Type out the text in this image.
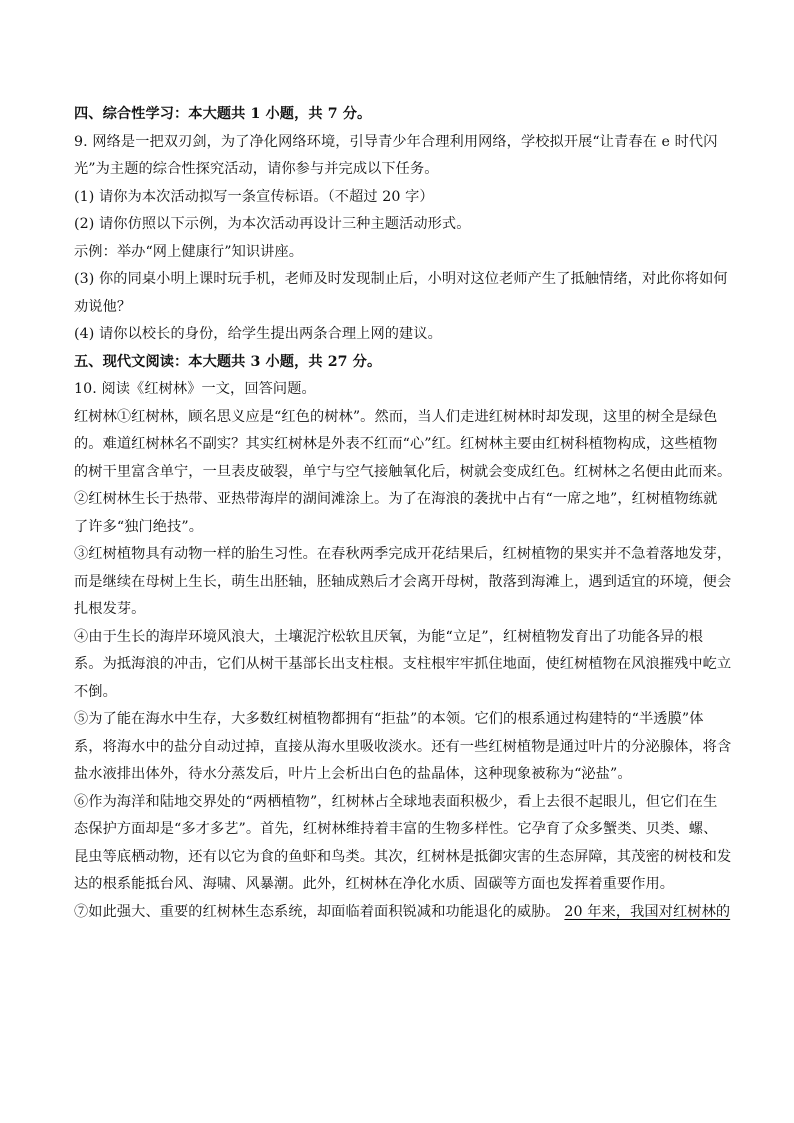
四、综合性学习：本大题共 1 小题，共 7 分。
9. 网络是一把双刃剑，为了净化网络环境，引导青少年合理利用网络，学校拟开展“让青春在 e 时代闪
光”为主题的综合性探究活动，请你参与并完成以下任务。
(1) 请你为本次活动拟写一条宣传标语。（不超过 20 字）
(2) 请你仿照以下示例，为本次活动再设计三种主题活动形式。
示例：举办“网上健康行”知识讲座。
(3) 你的同桌小明上课时玩手机，老师及时发现制止后，小明对这位老师产生了抵触情绪，对此你将如何
劝说他？
(4) 请你以校长的身份，给学生提出两条合理上网的建议。
五、现代文阅读：本大题共 3 小题，共 27 分。
10. 阅读《红树林》一文，回答问题。
红树林①红树林，顾名思义应是“红色的树林”。然而，当人们走进红树林时却发现，这里的树全是绿色
的。难道红树林名不副实？其实红树林是外表不红而“心”红。红树林主要由红树科植物构成，这些植物
的树干里富含单宁，一旦表皮破裂，单宁与空气接触氧化后，树就会变成红色。红树林之名便由此而来。
②红树林生长于热带、亚热带海岸的湖间滩涂上。为了在海浪的袭扰中占有“一席之地”，红树植物练就
了许多“独门绝技”。
③红树植物具有动物一样的胎生习性。在春秋两季完成开花结果后，红树植物的果实并不急着落地发芽，
而是继续在母树上生长，萌生出胚轴，胚轴成熟后才会离开母树，散落到海滩上，遇到适宜的环境，便会
扎根发芽。
④由于生长的海岸环境风浪大，土壤泥泞松软且厌氧，为能“立足”，红树植物发育出了功能各异的根
系。为抵海浪的冲击，它们从树干基部长出支柱根。支柱根牢牢抓住地面，使红树植物在风浪摧残中屹立
不倒。
⑤为了能在海水中生存，大多数红树植物都拥有“拒盐”的本领。它们的根系通过构建特的“半透膜”体
系，将海水中的盐分自动过掉，直接从海水里吸收淡水。还有一些红树植物是通过叶片的分泌腺体，将含
盐水液排出体外，待水分蒸发后，叶片上会析出白色的盐晶体，这种现象被称为“泌盐”。
⑥作为海洋和陆地交界处的“两栖植物”，红树林占全球地表面积极少，看上去很不起眼儿，但它们在生
态保护方面却是“多才多艺”。首先，红树林维持着丰富的生物多样性。它孕育了众多蟹类、贝类、螺、
昆虫等底栖动物，还有以它为食的鱼虾和鸟类。其次，红树林是抵御灾害的生态屏障，其茂密的树枝和发
达的根系能抵台风、海啸、风暴潮。此外，红树林在净化水质、固碳等方面也发挥着重要作用。
⑦如此强大、重要的红树林生态系统，却面临着面积锐减和功能退化的威胁。 20 年来，我国对红树林的
